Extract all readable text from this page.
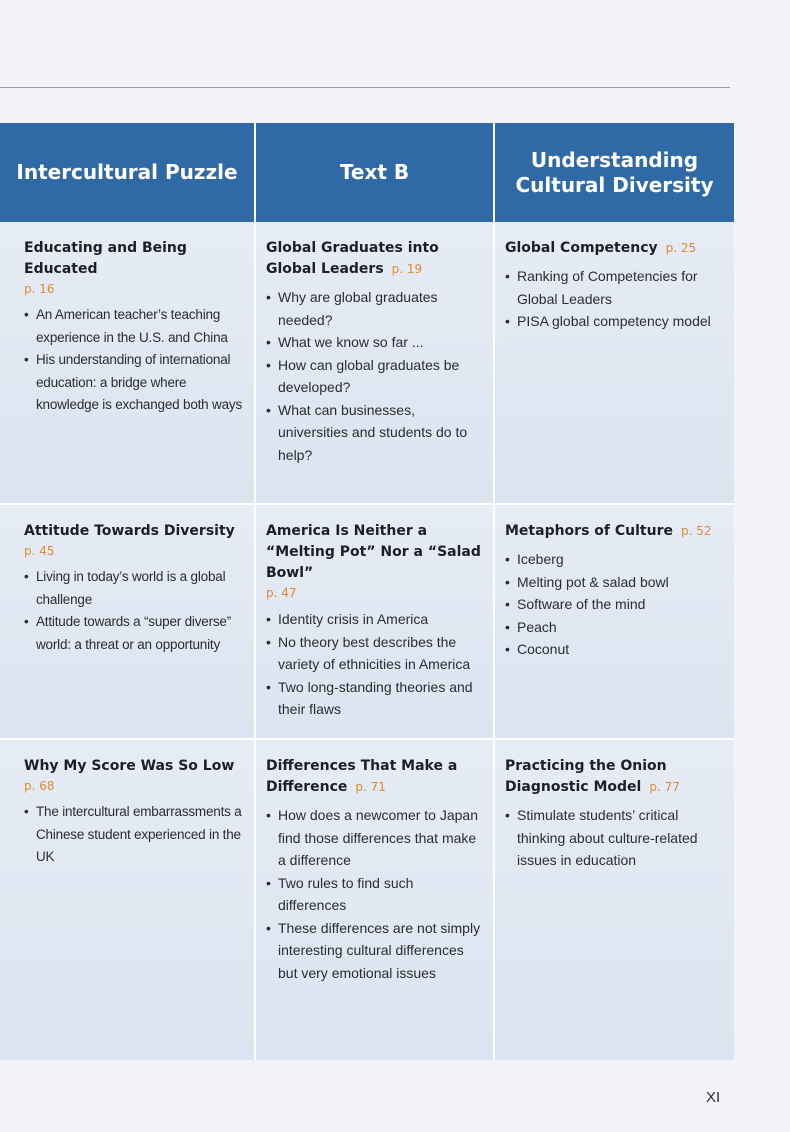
Intercultural Puzzle	Text B
Understanding Cultural Diversity

Educating and Being Educated

p. 16
• An American teacher’s teaching experience in the U.S. and China
• His understanding of international education: a bridge where knowledge is exchanged both ways

Global Graduates into Global Leaders p. 19

• Why are global graduates needed?
• What we know so far ...
• How can global graduates be developed?
• What can businesses, universities and students do to help?

Global Competency p. 25

• Ranking of Competencies for Global Leaders
• PISA global competency model

Attitude Towards Diversity

p. 45
• Living in today’s world is a global challenge
• Attitude towards a “super diverse” world: a threat or an opportunity

America Is Neither a “Melting Pot” Nor a “Salad Bowl”

p. 47
• Identity crisis in America
• No theory best describes the variety of ethnicities in America
• Two long-standing theories and their flaws

Metaphors of Culture p. 52

• Iceberg
• Melting pot & salad bowl
• Software of the mind
• Peach
• Coconut

Why My Score Was So Low

p. 68
• The intercultural embarrassments a Chinese student experienced in the UK

Differences That Make a Difference p. 71

• How does a newcomer to Japan find those differences that make a difference
• Two rules to find such differences
• These differences are not simply interesting cultural differences but very emotional issues

Practicing the Onion Diagnostic Model p. 77

• Stimulate students’ critical thinking about culture-related issues in education
XI
